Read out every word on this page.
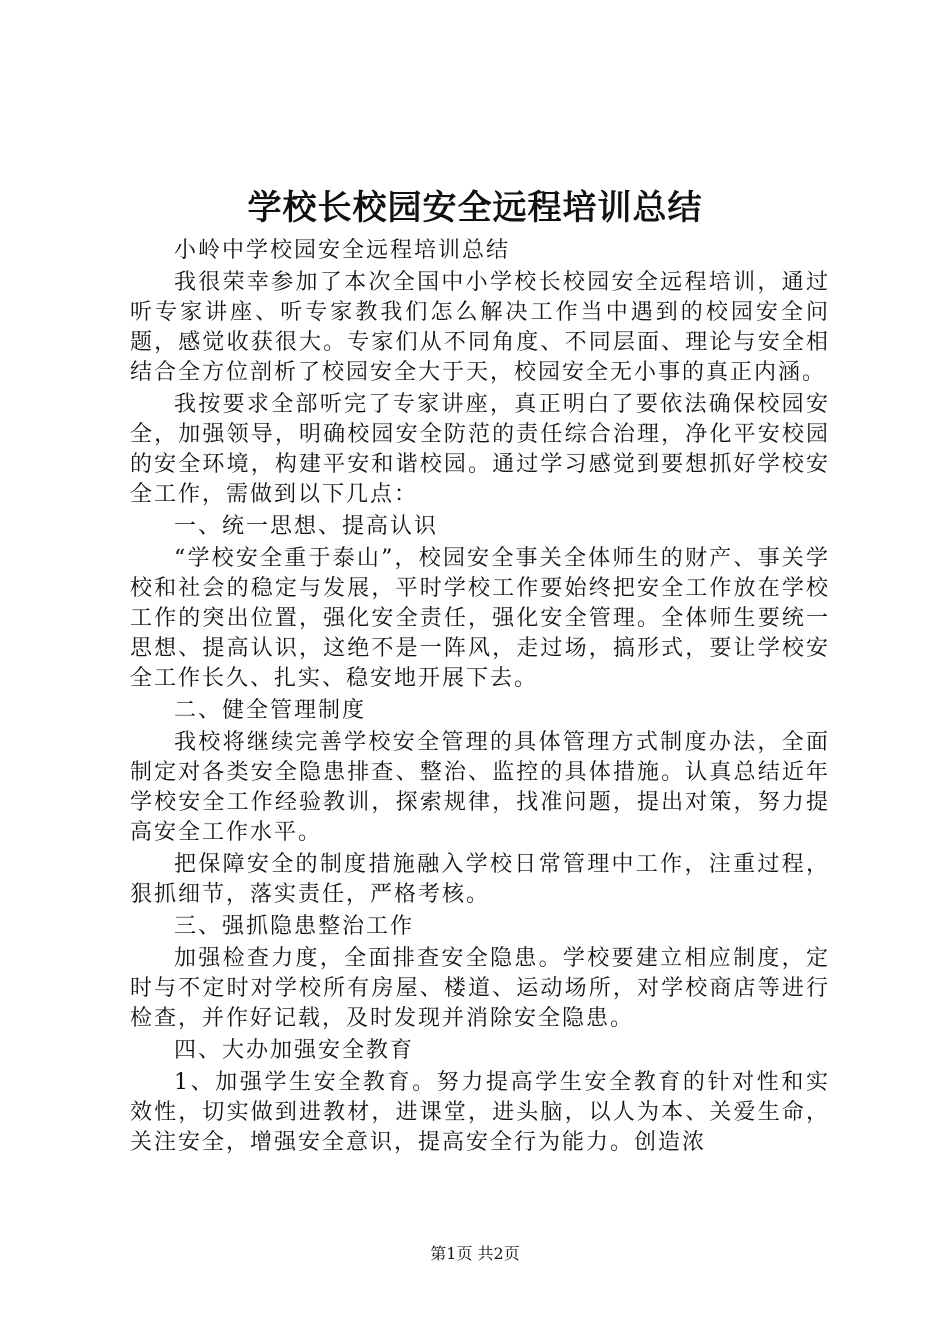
学校长校园安全远程培训总结

小岭中学校园安全远程培训总结

我很荣幸参加了本次全国中小学校长校园安全远程培训，通过听专家讲座、听专家教我们怎么解决工作当中遇到的校园安全问题，感觉收获很大。专家们从不同角度、不同层面、理论与安全相结合全方位剖析了校园安全大于天，校园安全无小事的真正内涵。

我按要求全部听完了专家讲座，真正明白了要依法确保校园安全，加强领导，明确校园安全防范的责任综合治理，净化平安校园的安全环境，构建平安和谐校园。通过学习感觉到要想抓好学校安全工作，需做到以下几点：

一、统一思想、提高认识

“学校安全重于泰山”，校园安全事关全体师生的财产、事关学校和社会的稳定与发展，平时学校工作要始终把安全工作放在学校工作的突出位置，强化安全责任，强化安全管理。全体师生要统一思想、提高认识，这绝不是一阵风，走过场，搞形式，要让学校安全工作长久、扎实、稳安地开展下去。

二、健全管理制度

我校将继续完善学校安全管理的具体管理方式制度办法，全面制定对各类安全隐患排查、整治、监控的具体措施。认真总结近年学校安全工作经验教训，探索规律，找准问题，提出对策，努力提高安全工作水平。

把保障安全的制度措施融入学校日常管理中工作，注重过程，狠抓细节，落实责任，严格考核。

三、强抓隐患整治工作

加强检查力度，全面排查安全隐患。学校要建立相应制度，定时与不定时对学校所有房屋、楼道、运动场所，对学校商店等进行检查，并作好记载，及时发现并消除安全隐患。

四、大办加强安全教育

1、加强学生安全教育。努力提高学生安全教育的针对性和实效性，切实做到进教材，进课堂，进头脑，以人为本、关爱生命，关注安全，增强安全意识，提高安全行为能力。创造浓

第1页 共2页
